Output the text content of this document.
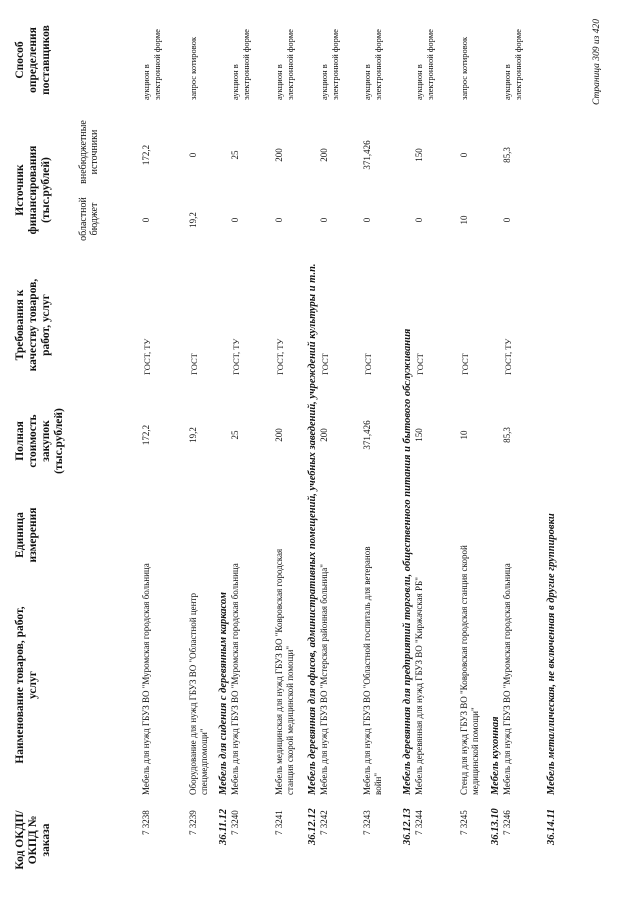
Код ОКДП/ ОКПД № заказа
Наименование товаров, работ, услуг
Единица измерения
Полная стоимость закупок (тыс.рублей)
Требования к качеству товаров, работ, услуг
Источник финансирования (тыс.рублей)	областной бюджет
внебюджетные источники
Способ определения поставщиков
7 3238
Мебель для нужд ГБУЗ ВО "Муромская городская больница
172,2
ГОСТ, ТУ
0
172,2
аукцион в электронной форме
7 3239
Оборудование для нужд ГБУЗ ВО "Областной центр спецмедпомощи"
19,2
ГОСТ
19,2
0
запрос котировок
36.11.12
Мебель для сидения с деревянным каркасом
7 3240
Мебель для нужд ГБУЗ ВО "Муромская городская больница
25
ГОСТ, ТУ
0
25
аукцион в электронной форме
7 3241
Мебель медицинская для нужд ГБУЗ ВО "Ковровская городская станция скорой медицинской помощи"
200
ГОСТ, ТУ
0
200
аукцион в электронной форме
36.12.12
Мебель деревянная для офисов, административных помещений, учебных заведений, учреждений культуры и т.п.
7 3242
Мебель для нужд ГБУЗ ВО "Мстерская районная больница"
200
ГОСТ
0
200
аукцион в электронной форме
7 3243
Мебель для нужд ГБУЗ ВО "Областной госпиталь для ветеранов войн"
371,426
ГОСТ
0
371,426
аукцион в электронной форме
36.12.13
Мебель деревянная для предприятий торговли, общественного питания и бытового обслуживания
7 3244
Мебель деревянная для нужд ГБУЗ ВО "Киржачская РБ"
150
ГОСТ
0
150
аукцион в электронной форме
7 3245
Стенд для нужд ГБУЗ ВО "Ковровская городская станция скорой медицинской помощи"
10
ГОСТ
10
0
запрос котировок
36.13.10
Мебель кухонная
7 3246
Мебель для нужд ГБУЗ ВО "Муромская городская больница
85,3
ГОСТ, ТУ
0
85,3
аукцион в электронной форме
36.14.11
Мебель металлическая, не включенная в другие группировки
Страница 309 из 420
